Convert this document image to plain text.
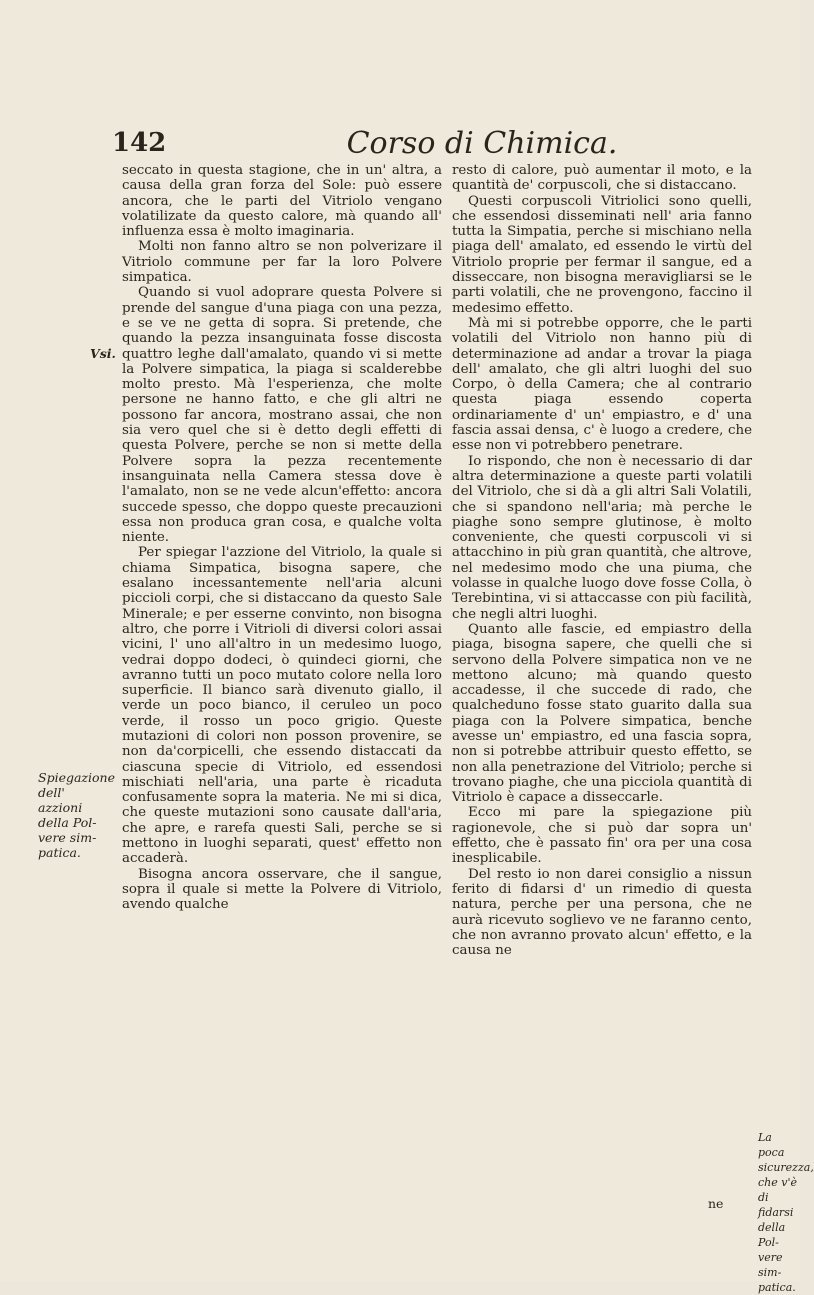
142	Corso di Chimica.

seccato in questa stagione, che in un' altra, a causa della gran forza del Sole: può essere ancora, che le parti del Vitriolo vengano volatilizate da questo calore, mà quando all' influenza essa è molto imaginaria.

Molti non fanno altro se non polverizare il Vitriolo commune per far la loro Polvere simpatica.

Quando si vuol adoprare questa Polvere si prende del sangue d'una piaga con una pezza, e se ve ne getta di sopra. Si pretende, che quando la pezza insanguinata fosse discosta quattro leghe dall'amalato, quando vi si mette la Polvere simpatica, la piaga si scalderebbe molto presto. Mà l'esperienza, che molte persone ne hanno fatto, e che gli altri ne possono far ancora, mostrano assai, che non sia vero quel che si è detto degli effetti di questa Polvere, perche se non si mette della Polvere sopra la pezza recentemente insanguinata nella Camera stessa dove è l'amalato, non se ne vede alcun'effetto: ancora succede spesso, che doppo queste precauzioni essa non produca gran cosa, e qualche volta niente.

Per spiegar l'azzione del Vitriolo, la quale si chiama Simpatica, bisogna sapere, che esalano incessantemente nell'aria alcuni piccioli corpi, che si distaccano da questo Sale Minerale; e per esserne convinto, non bisogna altro, che porre i Vitrioli di diversi colori assai vicini, l' uno all'altro in un medesimo luogo, vedrai doppo dodeci, ò quindeci giorni, che avranno tutti un poco mutato colore nella loro superficie. Il bianco sarà divenuto giallo, il verde un poco bianco, il ceruleo un poco verde, il rosso un poco grigio. Queste mutazioni di colori non posson provenire, se non da'corpicelli, che essendo distaccati da ciascuna specie di Vitriolo, ed essendosi mischiati nell'aria, una parte è ricaduta confusamente sopra la materia. Ne mi si dica, che queste mutazioni sono causate dall'aria, che apre, e rarefa questi Sali, perche se si mettono in luoghi separati, quest' effetto non accaderà.

Bisogna ancora osservare, che il sangue, sopra il quale si mette la Polvere di Vitriolo, avendo qualche

resto di calore, può aumentar il moto, e la quantità de' corpuscoli, che si distaccano.

Questi corpuscoli Vitriolici sono quelli, che essendosi disseminati nell' aria fanno tutta la Simpatia, perche si mischiano nella piaga dell' amalato, ed essendo le virtù del Vitriolo proprie per fermar il sangue, ed a disseccare, non bisogna meravigliarsi se le parti volatili, che ne provengono, faccino il medesimo effetto.

Mà mi si potrebbe opporre, che le parti volatili del Vitriolo non hanno più di determinazione ad andar a trovar la piaga dell' amalato, che gli altri luoghi del suo Corpo, ò della Camera; che al contrario questa piaga essendo coperta ordinariamente d' un' empiastro, e d' una fascia assai densa, c' è luogo a credere, che esse non vi potrebbero penetrare.

Io rispondo, che non è necessario di dar altra determinazione a queste parti volatili del Vitriolo, che si dà a gli altri Sali Volatili, che si spandono nell'aria; mà perche le piaghe sono sempre glutinose, è molto conveniente, che questi corpuscoli vi si attacchino in più gran quantità, che altrove, nel medesimo modo che una piuma, che volasse in qualche luogo dove fosse Colla, ò Terebintina, vi si attaccasse con più facilità, che negli altri luoghi.

Quanto alle fascie, ed empiastro della piaga, bisogna sapere, che quelli che si servono della Polvere simpatica non ve ne mettono alcuno; mà quando questo accadesse, il che succede di rado, che qualcheduno fosse stato guarito dalla sua piaga con la Polvere simpatica, benche avesse un' empiastro, ed una fascia sopra, non si potrebbe attribuir questo effetto, se non alla penetrazione del Vitriolo; perche si trovano piaghe, che una picciola quantità di Vitriolo è capace a disseccarle.

Ecco mi pare la spiegazione più ragionevole, che si può dar sopra un' effetto, che è passato fin' ora per una cosa inesplicabile.

Del resto io non darei consiglio a nissun ferito di fidarsi d' un rimedio di questa natura, perche per una persona, che ne aurà ricevuto soglievo ve ne faranno cento, che non avranno provato alcun' effetto, e la causa ne

Vsi.
Spiegazione dell'
azzioni
della Pol-
vere sim-
patica.
La poca
sicurezza,
che v'è di
fidarsi
della Pol-
vere sim-
patica.
ne
